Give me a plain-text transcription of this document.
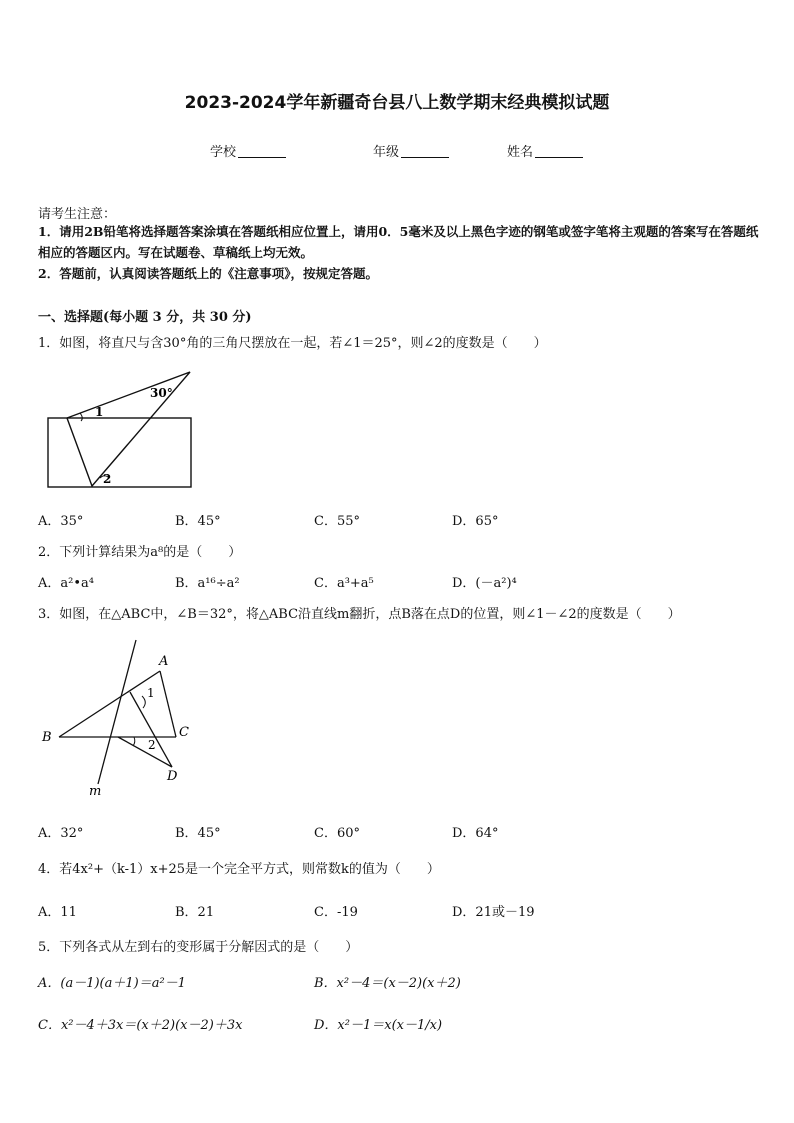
2023-2024学年新疆奇台县八上数学期末经典模拟试题
学校	年级	姓名
请考生注意：
1．请用2B铅笔将选择题答案涂填在答题纸相应位置上，请用0．5毫米及以上黑色字迹的钢笔或签字笔将主观题的答案写在答题纸相应的答题区内。写在试题卷、草稿纸上均无效。
2．答题前，认真阅读答题纸上的《注意事项》，按规定答题。
一、选择题(每小题 3 分，共 30 分)
1．如图，将直尺与含30°角的三角尺摆放在一起，若∠1＝25°，则∠2的度数是（　　）
30°
1
2
A．35°	B．45°	C．55°	D．65°
2．下列计算结果为a⁸的是（　　）
A．a²•a⁴	B．a¹⁶÷a²	C．a³+a⁵	D．(－a²)⁴
3．如图，在△ABC中，∠B＝32°，将△ABC沿直线m翻折，点B落在点D的位置，则∠1－∠2的度数是（　　）
A
1
B	C
2
D
m
A．32°	B．45°	C．60°	D．64°
4．若4x²+（k-1）x+25是一个完全平方式，则常数k的值为（　　）
A．11	B．21	C．-19	D．21或－19
5．下列各式从左到右的变形属于分解因式的是（　　）
A．(a－1)(a＋1)＝a²－1	B．x²－4＝(x－2)(x＋2)
C．x²－4＋3x＝(x＋2)(x－2)＋3x	D．x²－1＝x(x－1/x)
